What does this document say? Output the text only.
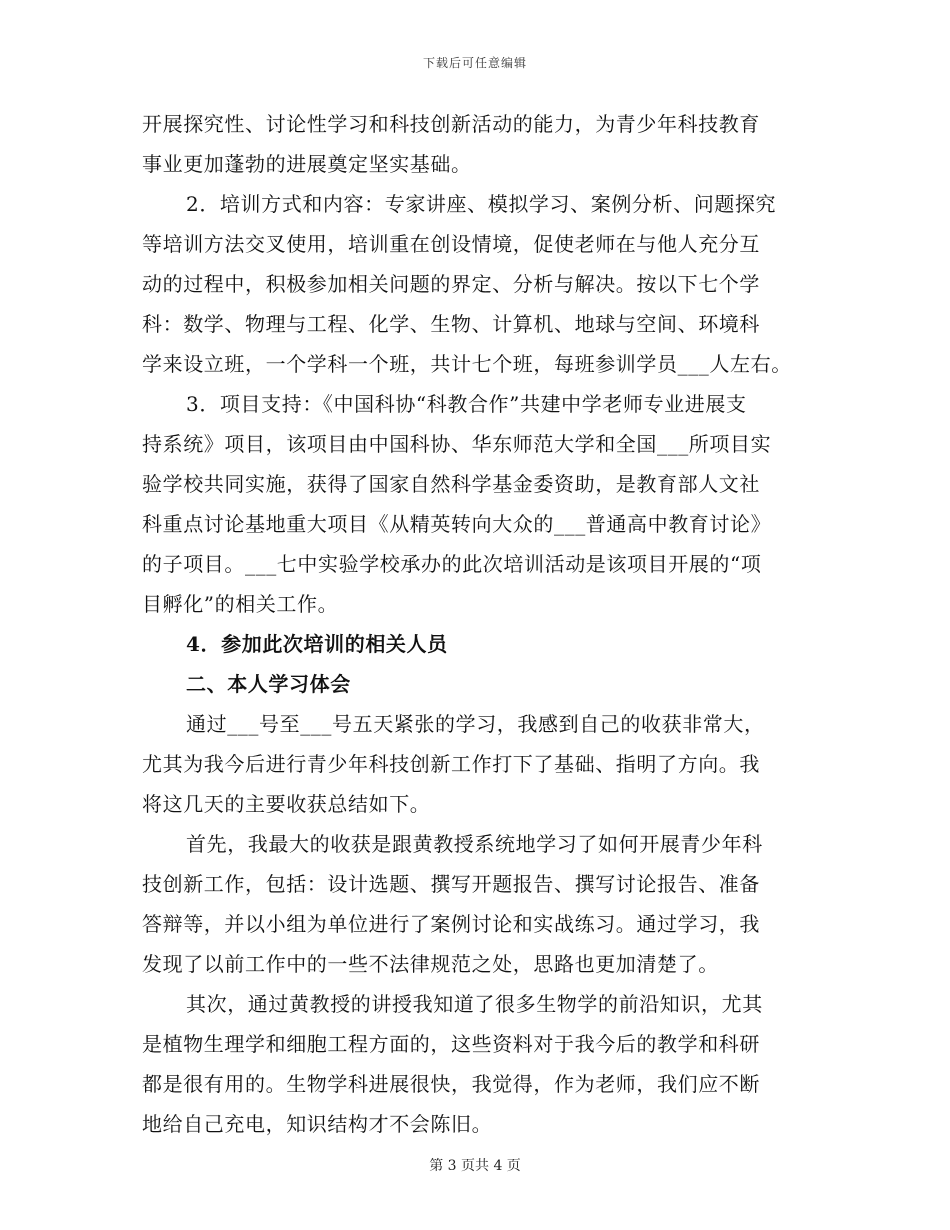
下载后可任意编辑
开展探究性、讨论性学习和科技创新活动的能力，为青少年科技教育
事业更加蓬勃的进展奠定坚实基础。
2．培训方式和内容：专家讲座、模拟学习、案例分析、问题探究
等培训方法交叉使用，培训重在创设情境，促使老师在与他人充分互
动的过程中，积极参加相关问题的界定、分析与解决。按以下七个学
科：数学、物理与工程、化学、生物、计算机、地球与空间、环境科
学来设立班，一个学科一个班，共计七个班，每班参训学员___人左右。
3．项目支持：《中国科协“科教合作”共建中学老师专业进展支
持系统》项目，该项目由中国科协、华东师范大学和全国___所项目实
验学校共同实施，获得了国家自然科学基金委资助，是教育部人文社
科重点讨论基地重大项目《从精英转向大众的___普通高中教育讨论》
的子项目。___七中实验学校承办的此次培训活动是该项目开展的“项
目孵化”的相关工作。
4．参加此次培训的相关人员
二、本人学习体会
通过___号至___号五天紧张的学习，我感到自己的收获非常大，
尤其为我今后进行青少年科技创新工作打下了基础、指明了方向。我
将这几天的主要收获总结如下。
首先，我最大的收获是跟黄教授系统地学习了如何开展青少年科
技创新工作，包括：设计选题、撰写开题报告、撰写讨论报告、准备
答辩等，并以小组为单位进行了案例讨论和实战练习。通过学习，我
发现了以前工作中的一些不法律规范之处，思路也更加清楚了。
其次，通过黄教授的讲授我知道了很多生物学的前沿知识，尤其
是植物生理学和细胞工程方面的，这些资料对于我今后的教学和科研
都是很有用的。生物学科进展很快，我觉得，作为老师，我们应不断
地给自己充电，知识结构才不会陈旧。
第 3 页共 4 页
